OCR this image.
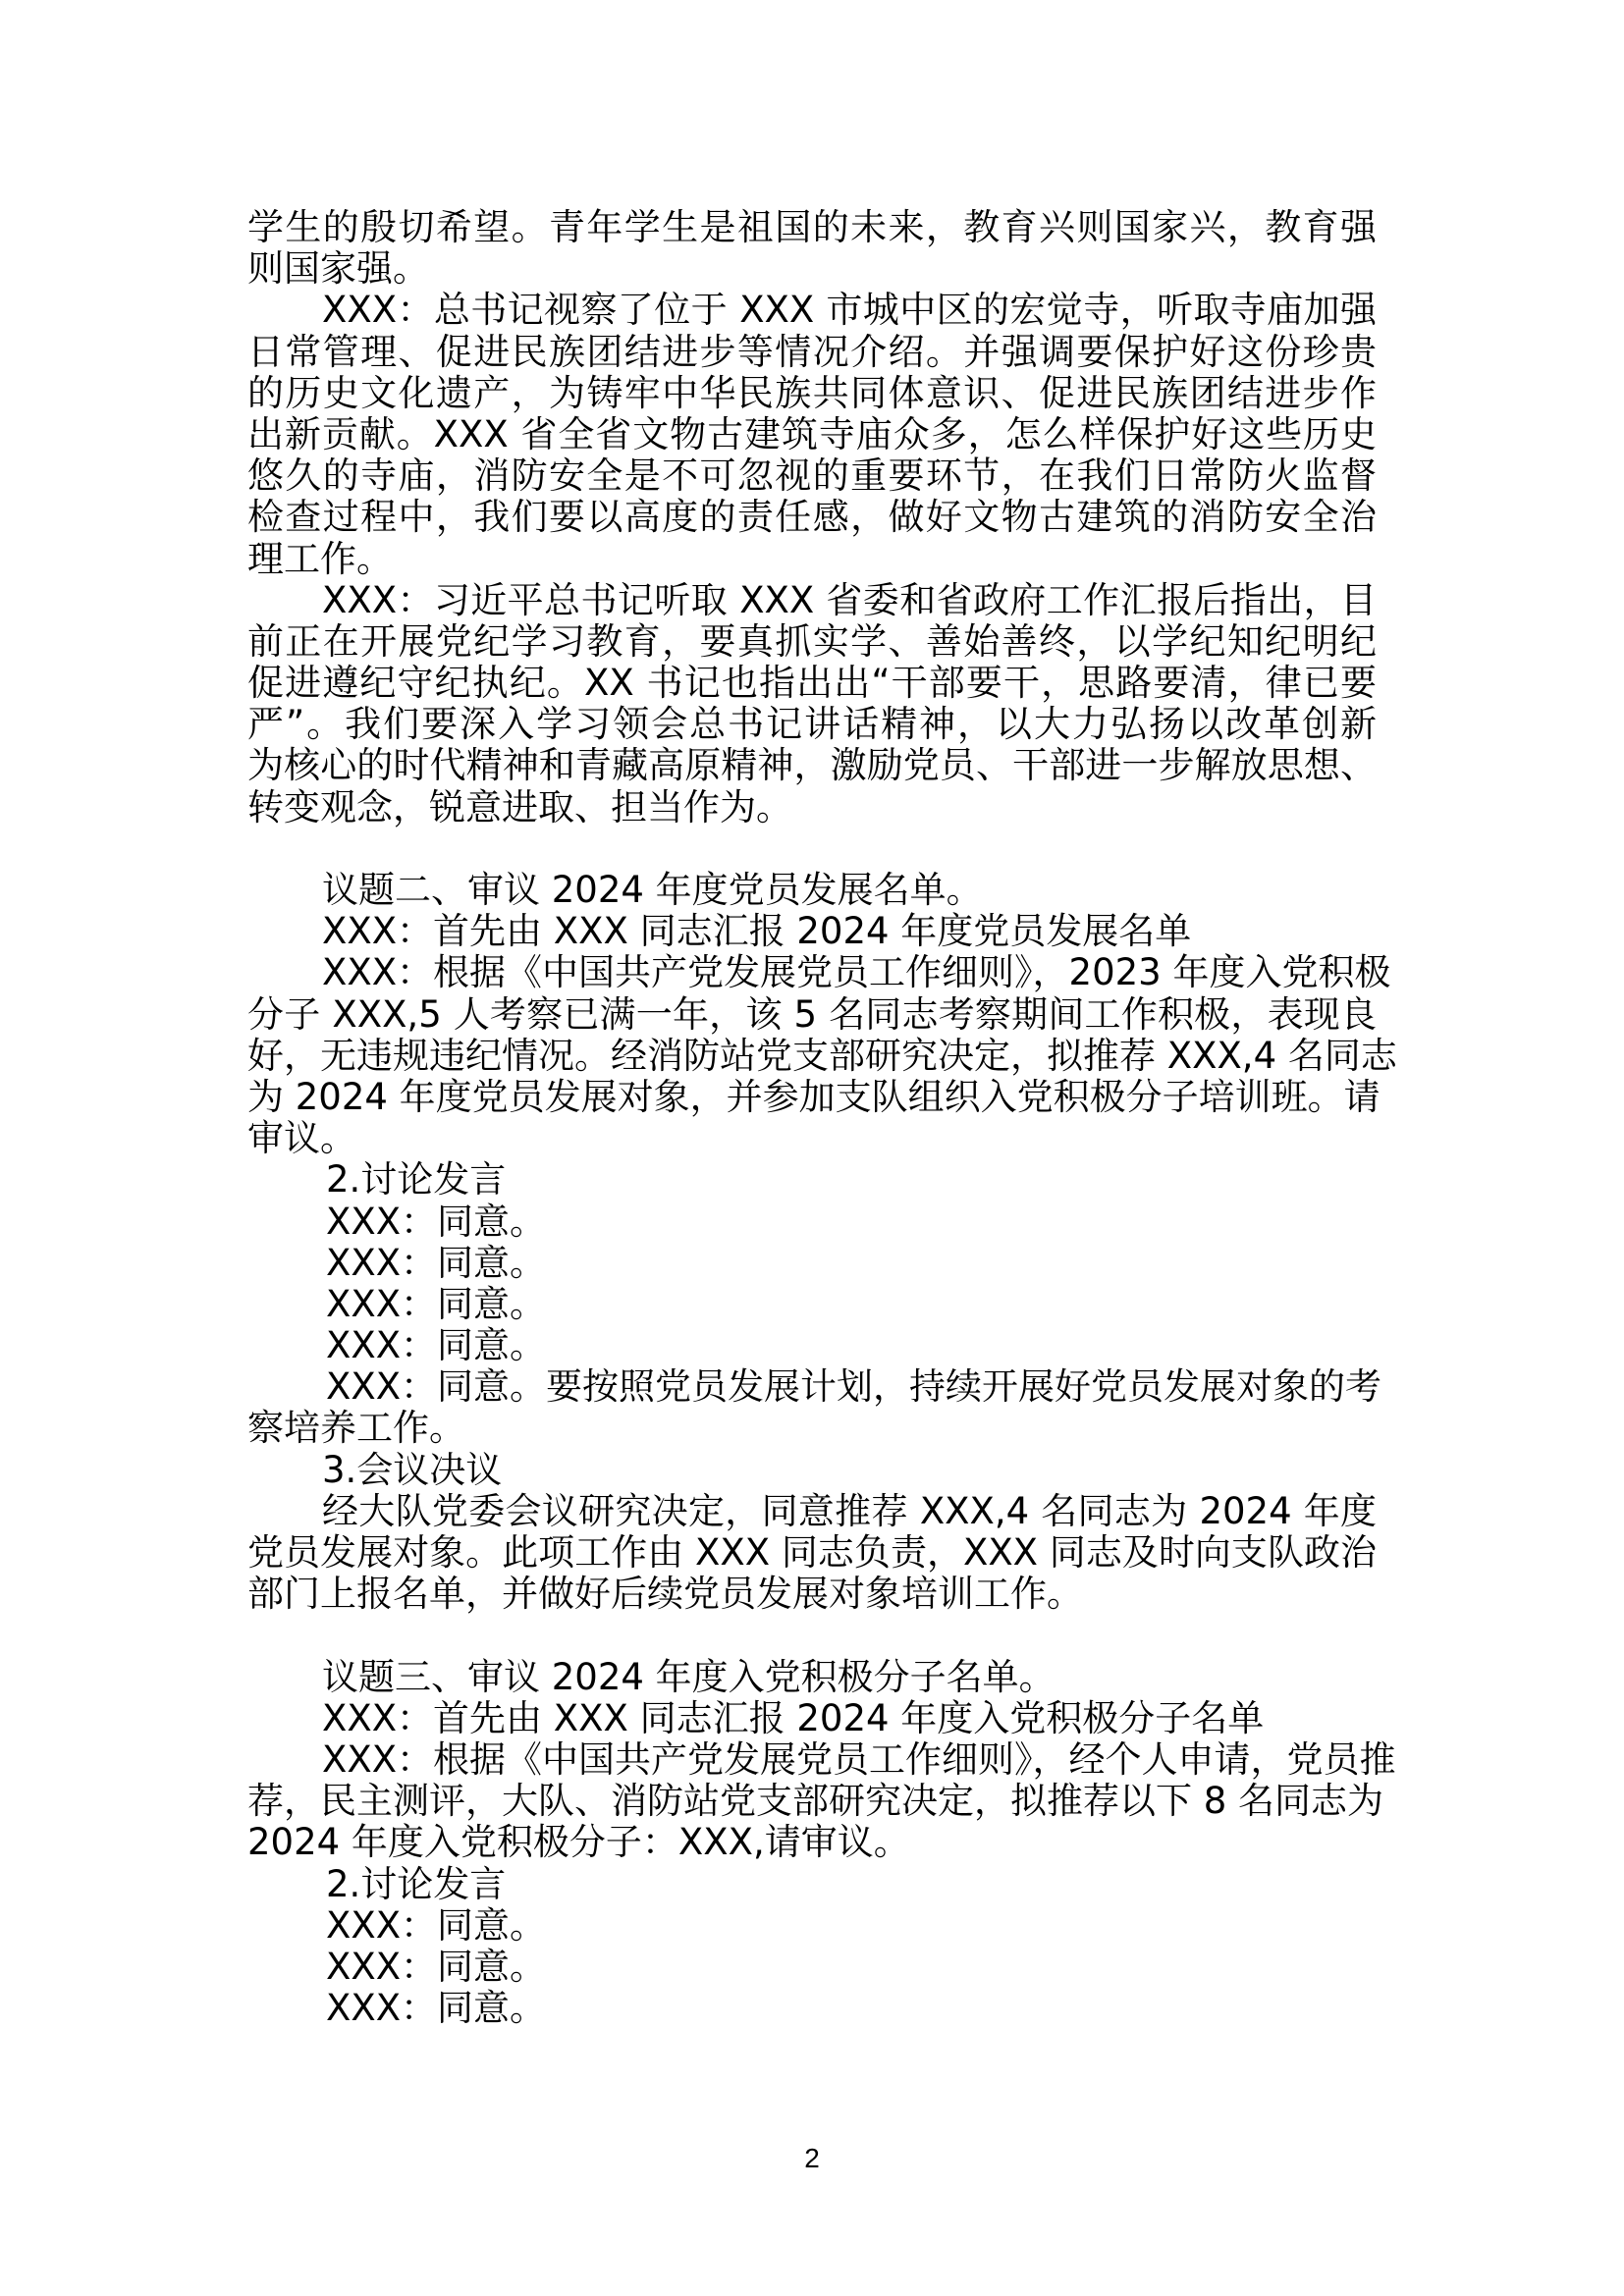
学生的殷切希望。青年学生是祖国的未来，教育兴则国家兴，教育强
则国家强。
XXX：总书记视察了位于 XXX 市城中区的宏觉寺，听取寺庙加强
日常管理、促进民族团结进步等情况介绍。并强调要保护好这份珍贵
的历史文化遗产，为铸牢中华民族共同体意识、促进民族团结进步作
出新贡献。XXX 省全省文物古建筑寺庙众多，怎么样保护好这些历史
悠久的寺庙，消防安全是不可忽视的重要环节，在我们日常防火监督
检查过程中，我们要以高度的责任感，做好文物古建筑的消防安全治
理工作。
XXX：习近平总书记听取 XXX 省委和省政府工作汇报后指出，目
前正在开展党纪学习教育，要真抓实学、善始善终，以学纪知纪明纪
促进遵纪守纪执纪。XX 书记也指出出“干部要干，思路要清，律已要
严”。我们要深入学习领会总书记讲话精神，以大力弘扬以改革创新
为核心的时代精神和青藏高原精神，激励党员、干部进一步解放思想、
转变观念，锐意进取、担当作为。
议题二、审议 2024 年度党员发展名单。
XXX：首先由 XXX 同志汇报 2024 年度党员发展名单
XXX：根据《中国共产党发展党员工作细则》，2023 年度入党积极
分子 XXX,5 人考察已满一年，该 5 名同志考察期间工作积极，表现良
好，无违规违纪情况。经消防站党支部研究决定，拟推荐 XXX,4 名同志
为 2024 年度党员发展对象，并参加支队组织入党积极分子培训班。请
审议。
2.讨论发言
XXX：同意。
XXX：同意。
XXX：同意。
XXX：同意。
XXX：同意。要按照党员发展计划，持续开展好党员发展对象的考
察培养工作。
3.会议决议
经大队党委会议研究决定，同意推荐 XXX,4 名同志为 2024 年度
党员发展对象。此项工作由 XXX 同志负责，XXX 同志及时向支队政治
部门上报名单，并做好后续党员发展对象培训工作。
议题三、审议 2024 年度入党积极分子名单。
XXX：首先由 XXX 同志汇报 2024 年度入党积极分子名单
XXX：根据《中国共产党发展党员工作细则》，经个人申请，党员推
荐，民主测评，大队、消防站党支部研究决定，拟推荐以下 8 名同志为
2024 年度入党积极分子：XXX,请审议。
2.讨论发言
XXX：同意。
XXX：同意。
XXX：同意。
2
